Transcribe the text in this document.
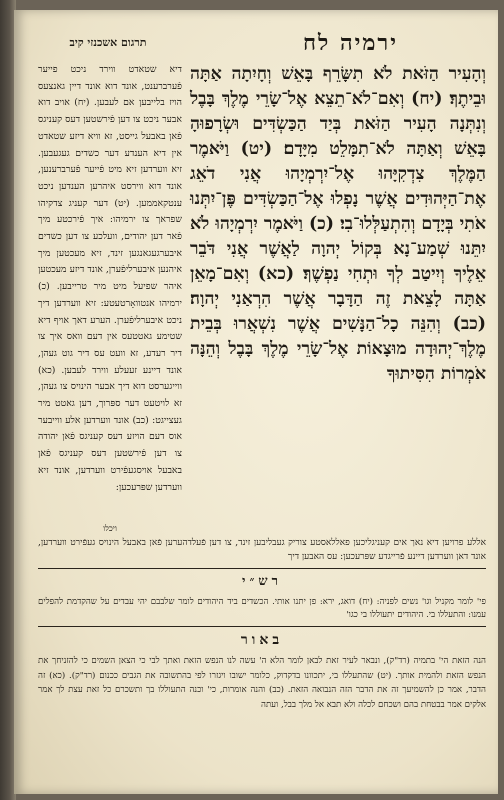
ירמיה לח
תרגום אשכנזי קיב

וְהָעִיר הַזֹּאת לֹא תִשָּׂרֵף בָּאֵשׁ וְחָיִתָה אַתָּה וּבֵיתֶךָ׃ (יח) וְאִם־לֹא־תֵצֵא אֶל־שָׂרֵי מֶלֶךְ בָּבֶל וְנִתְּנָה הָעִיר הַזֹּאת בְּיַד הַכַּשְׂדִּים וּשְׂרָפוּהָ בָּאֵשׁ וְאַתָּה לֹא־תִמָּלֵט מִיָּדָם׃ (יט) וַיֹּאמֶר הַמֶּלֶךְ צִדְקִיָּהוּ אֶל־יִרְמְיָהוּ אֲנִי דֹאֵג אֶת־הַיְּהוּדִים אֲשֶׁר נָפְלוּ אֶל־הַכַּשְׂדִּים פֶּן־יִתְּנוּ אֹתִי בְּיָדָם וְהִתְעַלְּלוּ־בִי׃ (כ) וַיֹּאמֶר יִרְמְיָהוּ לֹא יִתֵּנוּ שְׁמַע־נָא בְּקוֹל יְהוָה לַאֲשֶׁר אֲנִי דֹּבֵר אֵלֶיךָ וְיִיטַב לְךָ וּתְחִי נַפְשֶׁךָ׃ (כא) וְאִם־מָאֵן אַתָּה לָצֵאת זֶה הַדָּבָר אֲשֶׁר הִרְאַנִי יְהוָה׃ (כב) וְהִנֵּה כָל־הַנָּשִׁים אֲשֶׁר נִשְׁאֲרוּ בְּבֵית מֶלֶךְ־יְהוּדָה מוּצָאוֹת אֶל־שָׂרֵי מֶלֶךְ בָּבֶל וְהֵנָּה אֹמְרוֹת הִסִּיתוּךָ

דיא שטאדט ווירד ניכט פייער פֿערברענט, אונד דוא אונד דיין גאנצעס הויז בלייבען אם לעבען. (יח) אויב דוא אבער ניכט צו דען פֿירשטען דעס קעניגס פֿאן באבעל גייסט, זא וויא דיזע שטאדט אין דיא הענדע דער כשדים געגעבען. זיא ווערדען זיא מיט פֿייער פֿערברענען, אונד דוא ווירסט איהרען הענדען ניכט ענטקאממען. (יט) דער קעניג צדקיהו שפראך צו ירמיהו: איך פֿירכטע מיך פֿאר דען יהודים, וועלכע צו דען כשדים איבערגעגאנגען זינד, זיא מעכטען מיך איהנען איבערליפֿערן, אונד דיזע מעכטען איהר שפיעל מיט מיר טרייבען. (כ) ירמיהו אנטוואָרטעטע: זיא ווערדען דיך ניכט איבערליפֿערן. הערע דאך אויף דיא שטימע גאטטעס אין דעם וואס איך צו דיר רעדע, זא וועט עס דיר גוט געהן, אונד דיינע זעעלע ווירד לעבען. (כא) ווייגערסט דוא דיך אבער הינויס צו געהן, זא לויטעט דער ספּרוך, דען גאטט מיר געצייגט: (כב) אונד ווערדען אלע ווייבער אוס דעם הויזע דעס קעניגס פֿאן יהודה צו דען פֿירשטען דעס קעניגס פֿאן באבעל אויסגעפֿירט ווערדען, אונד זיא ווערדען שפּרעכען:

ויכלו

אללע פרויען דיא נאך אים קעניגליכען פאללאסטע צוריק געבליבען זינד, צו דען פֿעלדהערען פֿאן באבעל הינויס געפֿירט ווערדען, אונד דאן ווערדען דיינע פֿרייגדע שפּרעכען: עס האבען דיך

רש״י

פי' לומר מקניל וגו' נשים לפניה: (יח) דואג, ירא: פן יתנו אותי. הכשדים ביד היהודים לומר שלבבם יהי עבדים על שהקדמת להפלים עמנו: והתעללו בי. היהודים יתעוללו בי כגו'

באור

הנה הזאת הי' בתמיה (רד"ק), ונבאר לעיר זאת לבאן לומר הלא ה' עשה לנו הנפש הזאת ואתך לבי כי הצאן השמים כי להזניחך את הנפש הזאת ולהמית אותך. (יט) שהתעללו בי, יתכוונו בדקדוק, כלומר ישובו ויגזרו לפי בהתשובה את הגבים ככנום (רד"ק). (כא) זה הדבר, אמר כן להשמיעך זה את הדבר הזה הנבואה הזאת. (כב) והנה אומרות, כי' וכנה התעוללו בך ותשכרם כל זאת עצת לך אמר אלקים אמר בבטחת בהם ושכחם לכלה ולא תבא אל מלך בבל, ועתה
